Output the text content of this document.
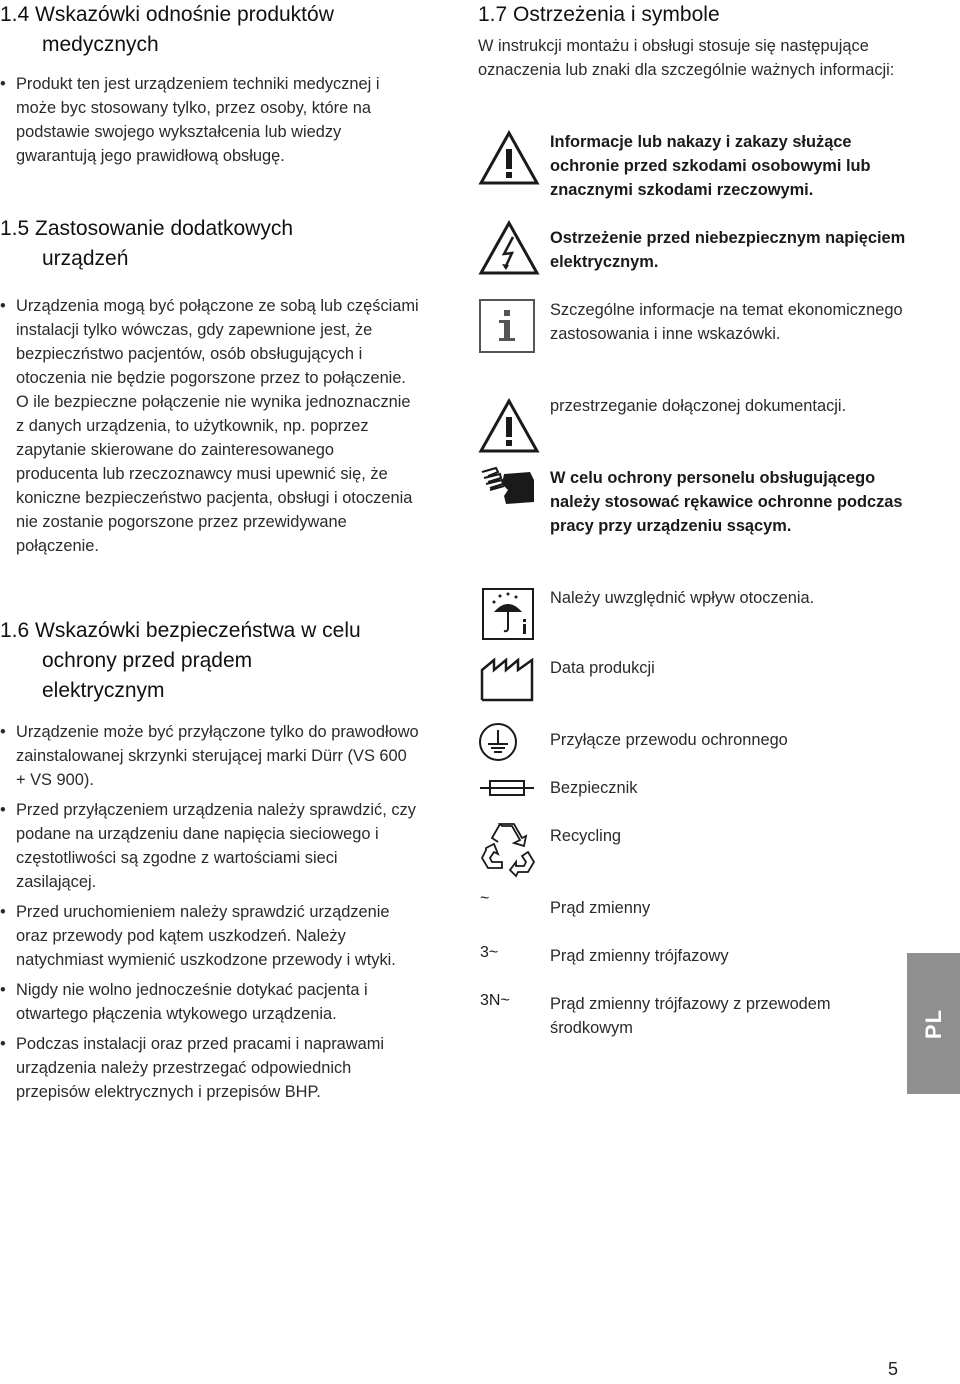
1.4 Wskazówki odnośnie produktów
medycznych
• Produkt ten jest urządzeniem techniki medycznej i może byc stosowany tylko, przez osoby, które na podstawie swojego wykształcenia lub wiedzy gwarantują jego prawidłową obsługę.
1.5 Zastosowanie dodatkowych
urządzeń
• Urządzenia mogą być połączone ze sobą lub częściami instalacji tylko wówczas, gdy zapewnione jest, że bezpieczństwo pacjentów, osób obsługujących i otoczenia nie będzie pogorszone przez to połączenie.

O ile bezpieczne połączenie nie wynika jednoznacznie z danych urządzenia, to użytkownik, np. poprzez zapytanie skierowane do zainteresowanego producenta lub rzeczoznawcy musi upewnić się, że koniczne bezpieczeństwo pacjenta, obsługi i otoczenia nie zostanie pogorszone przez przewidywane połączenie.

1.6 Wskazówki bezpieczeństwa w celu
ochrony przed prądem
elektrycznym
• Urządzenie może być przyłączone tylko do prawodłowo zainstalowanej skrzynki sterującej marki Dürr (VS 600 + VS 900).
• Przed przyłączeniem urządzenia należy sprawdzić, czy podane na urządzeniu dane napięcia sieciowego i częstotliwości są zgodne z wartościami sieci zasilającej.
• Przed uruchomieniem należy sprawdzić urządzenie oraz przewody pod kątem uszkodzeń. Należy natychmiast wymienić uszkodzone przewody i wtyki.
• Nigdy nie wolno jednocześnie dotykać pacjenta i otwartego płączenia wtykowego urządzenia.
• Podczas instalacji oraz przed pracami i naprawami urządzenia należy przestrzegać odpowiednich przepisów elektrycznych i przepisów BHP.
1.7 Ostrzeżenia i symbole

W instrukcji montażu i obsługi stosuje się następujące oznaczenia lub znaki dla szczególnie ważnych informacji:

Informacje lub nakazy i zakazy służące ochronie przed szkodami osobowymi lub znacznymi szkodami rzeczowymi.
Ostrzeżenie przed niebezpiecznym napięciem elektrycznym.
Szczególne informacje na temat ekonomicznego zastosowania i inne wskazówki.
przestrzeganie dołączonej dokumentacji.
W celu ochrony personelu obsługującego należy stosować rękawice ochronne podczas pracy przy urządzeniu ssącym.
Należy uwzględnić wpływ otoczenia.
Data produkcji
Przyłącze przewodu ochronnego
Bezpiecznik
Recycling
~
Prąd zmienny
3~	Prąd zmienny trójfazowy
3N~	Prąd zmienny trójfazowy z przewodem środkowym	PL
5
